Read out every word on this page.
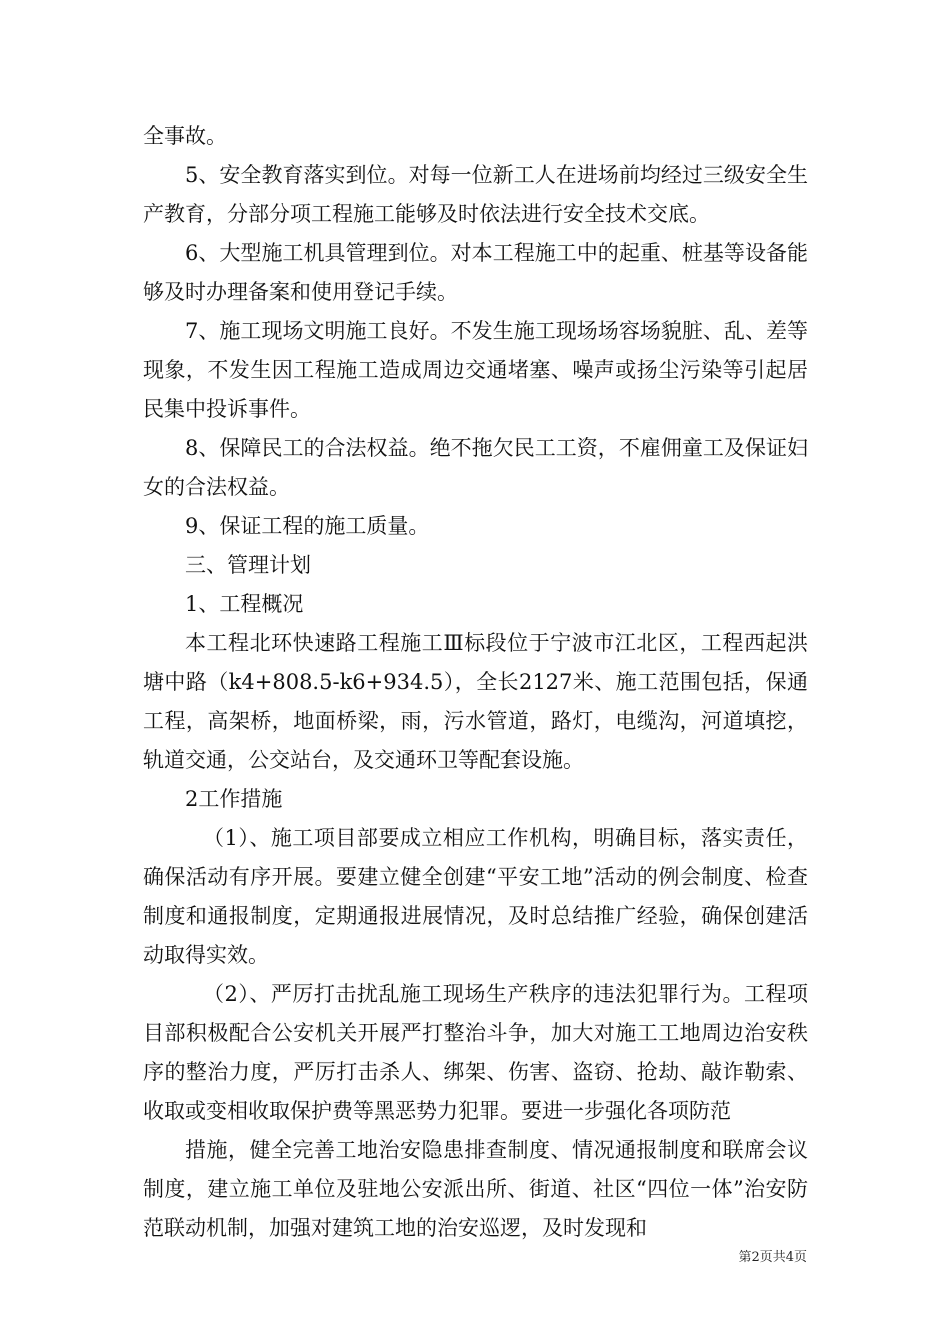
全事故。

5、安全教育落实到位。对每一位新工人在进场前均经过三级安全生产教育，分部分项工程施工能够及时依法进行安全技术交底。

6、大型施工机具管理到位。对本工程施工中的起重、桩基等设备能够及时办理备案和使用登记手续。

7、施工现场文明施工良好。不发生施工现场场容场貌脏、乱、差等现象，不发生因工程施工造成周边交通堵塞、噪声或扬尘污染等引起居民集中投诉事件。

8、保障民工的合法权益。绝不拖欠民工工资，不雇佣童工及保证妇女的合法权益。

9、保证工程的施工质量。

三、管理计划

1、工程概况

本工程北环快速路工程施工Ⅲ标段位于宁波市江北区，工程西起洪塘中路（k4+808.5-k6+934.5），全长2127米、施工范围包括，保通工程，高架桥，地面桥梁，雨，污水管道，路灯，电缆沟，河道填挖，轨道交通，公交站台，及交通环卫等配套设施。

2工作措施

（1）、施工项目部要成立相应工作机构，明确目标，落实责任，确保活动有序开展。要建立健全创建“平安工地”活动的例会制度、检查制度和通报制度，定期通报进展情况，及时总结推广经验，确保创建活动取得实效。

（2）、严厉打击扰乱施工现场生产秩序的违法犯罪行为。工程项目部积极配合公安机关开展严打整治斗争，加大对施工工地周边治安秩序的整治力度，严厉打击杀人、绑架、伤害、盗窃、抢劫、敲诈勒索、收取或变相收取保护费等黑恶势力犯罪。要进一步强化各项防范

措施，健全完善工地治安隐患排查制度、情况通报制度和联席会议制度，建立施工单位及驻地公安派出所、街道、社区“四位一体”治安防范联动机制，加强对建筑工地的治安巡逻，及时发现和

第2页共4页
